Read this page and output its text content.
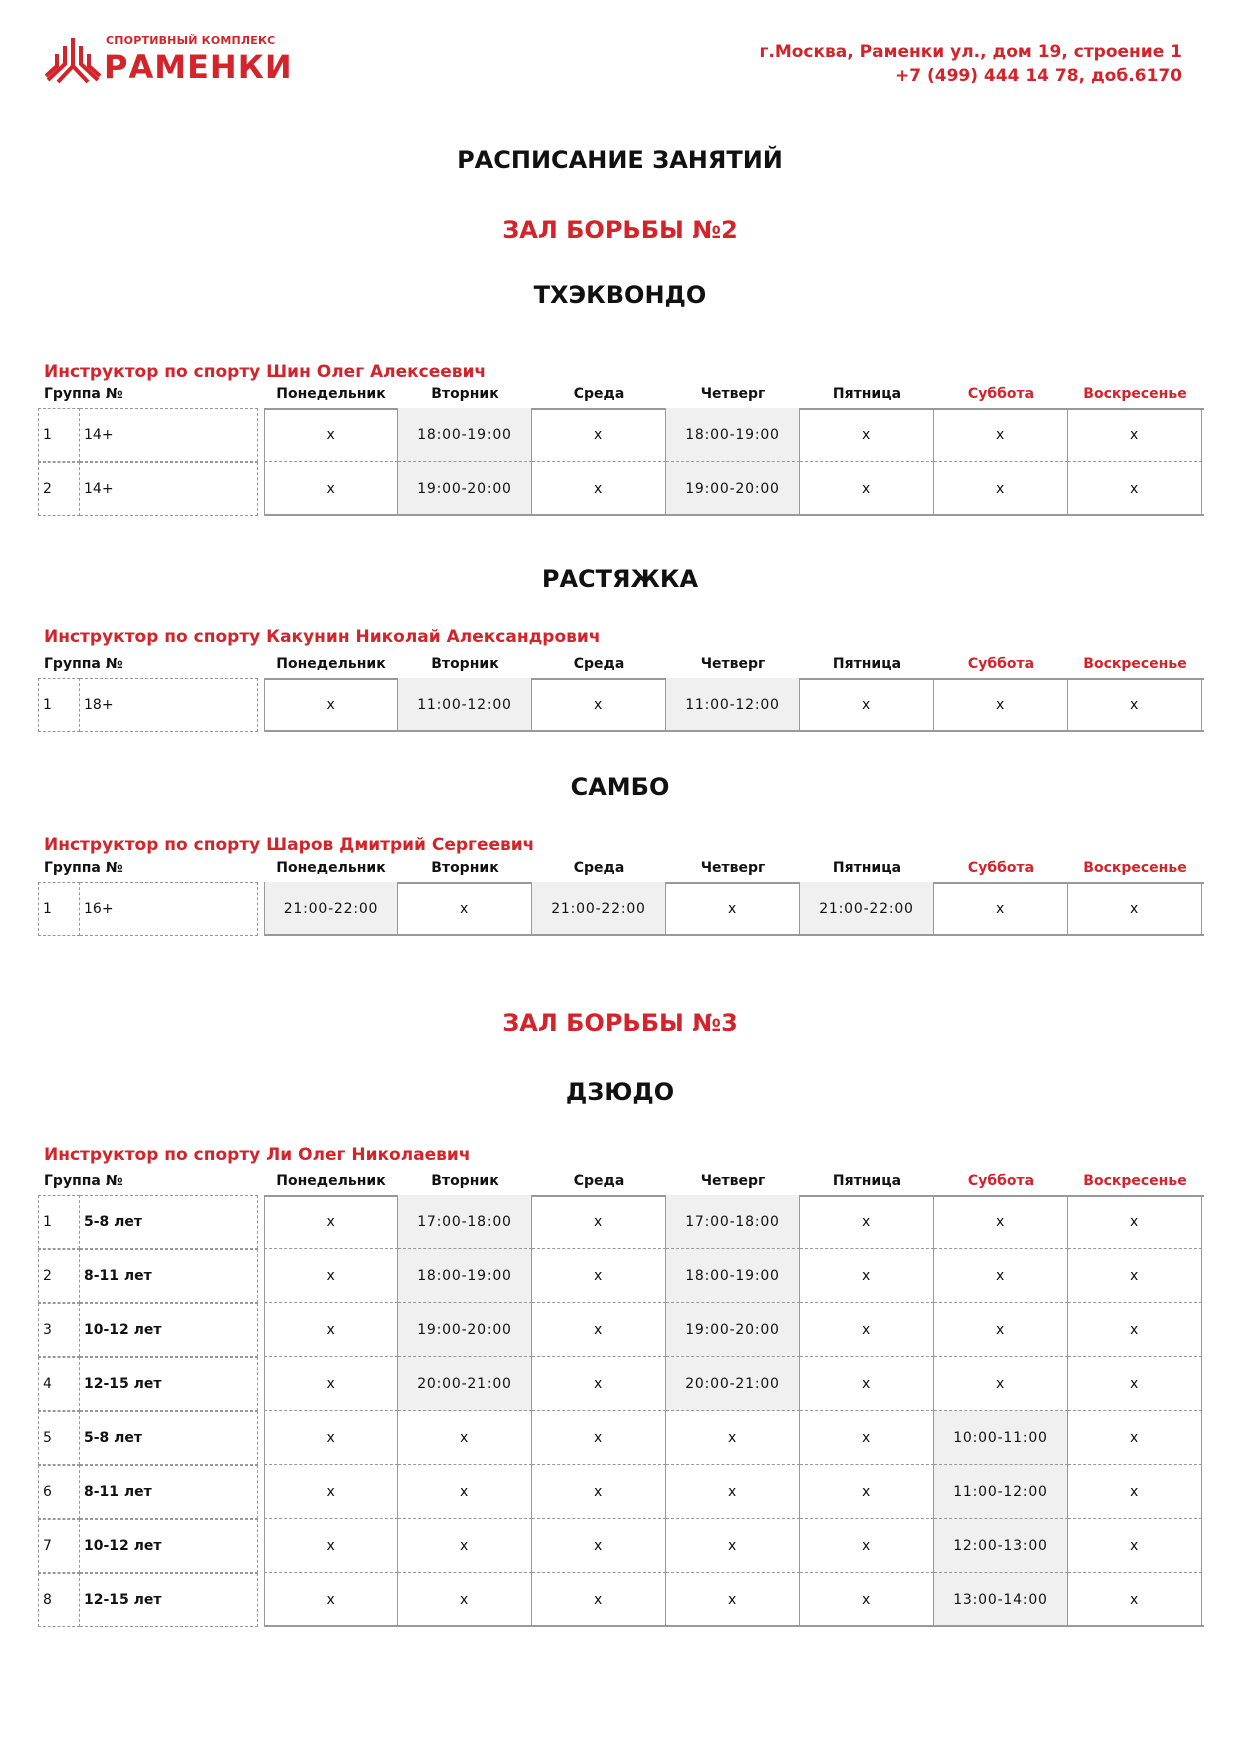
СПОРТИВНЫЙ КОМПЛЕКС
РАМЕНКИ	г.Москва, Раменки ул., дом 19, строение 1
+7 (499) 444 14 78, доб.6170
РАСПИСАНИЕ ЗАНЯТИЙ
ЗАЛ БОРЬБЫ №2
ТХЭКВОНДО
РАСТЯЖКА
САМБО
ЗАЛ БОРЬБЫ №3
ДЗЮДО
Инструктор по спорту Шин Олег Алексеевич
Инструктор по спорту Какунин Николай Александрович
Инструктор по спорту Шаров Дмитрий Сергеевич
Инструктор по спорту Ли Олег Николаевич
Группа №	Понедельник	Вторник	Среда	Четверг	Пятница	Суббота	Воскресенье
Группа №	Понедельник	Вторник	Среда	Четверг	Пятница	Суббота	Воскресенье
Группа №	Понедельник	Вторник	Среда	Четверг	Пятница	Суббота	Воскресенье
Группа №	Понедельник	Вторник	Среда	Четверг	Пятница	Суббота	Воскресенье
1	14+	x	18:00-19:00	x	18:00-19:00	x	x	x
2	14+	x	19:00-20:00	x	19:00-20:00	x	x	x
1	18+	x	11:00-12:00	x	11:00-12:00	x	x	x
1	16+	21:00-22:00	x	21:00-22:00	x	21:00-22:00	x	x
1	5-8 лет	x	17:00-18:00	x	17:00-18:00	x	x	x
2	8-11 лет	x	18:00-19:00	x	18:00-19:00	x	x	x
3	10-12 лет	x	19:00-20:00	x	19:00-20:00	x	x	x
4	12-15 лет	x	20:00-21:00	x	20:00-21:00	x	x	x
5	5-8 лет	x	x	x	x	x	10:00-11:00	x
6	8-11 лет	x	x	x	x	x	11:00-12:00	x
7	10-12 лет	x	x	x	x	x	12:00-13:00	x
8	12-15 лет	x	x	x	x	x	13:00-14:00	x
